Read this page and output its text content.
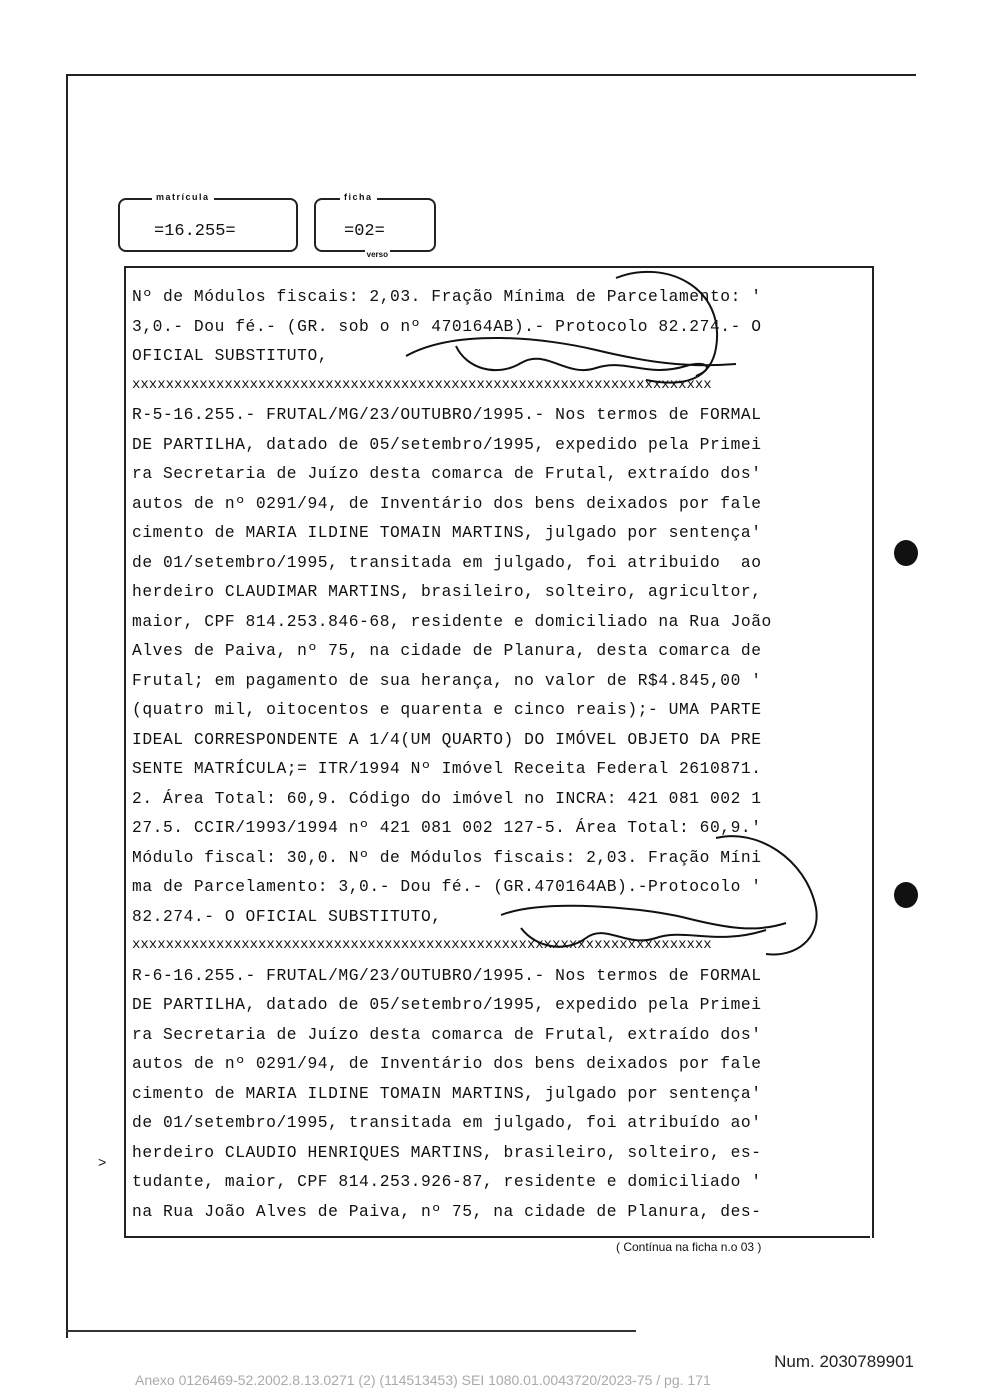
matrícula
=16.255=
ficha
=02=
verso
Nº de Módulos fiscais: 2,03. Fração Mínima de Parcelamento: '
3,0.- Dou fé.- (GR. sob o nº 470164AB).- Protocolo 82.274.- O
OFICIAL SUBSTITUTO,
xxxxxxxxxxxxxxxxxxxxxxxxxxxxxxxxxxxxxxxxxxxxxxxxxxxxxxxxxxxxxxxxxxxxx
R-5-16.255.- FRUTAL/MG/23/OUTUBRO/1995.- Nos termos de FORMAL
DE PARTILHA, datado de 05/setembro/1995, expedido pela Primei
ra Secretaria de Juízo desta comarca de Frutal, extraído dos'
autos de nº 0291/94, de Inventário dos bens deixados por fale
cimento de MARIA ILDINE TOMAIN MARTINS, julgado por sentença'
de 01/setembro/1995, transitada em julgado, foi atribuido  ao
herdeiro CLAUDIMAR MARTINS, brasileiro, solteiro, agricultor,
maior, CPF 814.253.846-68, residente e domiciliado na Rua João
Alves de Paiva, nº 75, na cidade de Planura, desta comarca de
Frutal; em pagamento de sua herança, no valor de R$4.845,00 '
(quatro mil, oitocentos e quarenta e cinco reais);- UMA PARTE
IDEAL CORRESPONDENTE A 1/4(UM QUARTO) DO IMÓVEL OBJETO DA PRE
SENTE MATRÍCULA;= ITR/1994 Nº Imóvel Receita Federal 2610871.
2. Área Total: 60,9. Código do imóvel no INCRA: 421 081 002 1
27.5. CCIR/1993/1994 nº 421 081 002 127-5. Área Total: 60,9.'
Módulo fiscal: 30,0. Nº de Módulos fiscais: 2,03. Fração Míni
ma de Parcelamento: 3,0.- Dou fé.- (GR.470164AB).-Protocolo '
82.274.- O OFICIAL SUBSTITUTO,
xxxxxxxxxxxxxxxxxxxxxxxxxxxxxxxxxxxxxxxxxxxxxxxxxxxxxxxxxxxxxxxxxxxxx
R-6-16.255.- FRUTAL/MG/23/OUTUBRO/1995.- Nos termos de FORMAL
DE PARTILHA, datado de 05/setembro/1995, expedido pela Primei
ra Secretaria de Juízo desta comarca de Frutal, extraído dos'
autos de nº 0291/94, de Inventário dos bens deixados por fale
cimento de MARIA ILDINE TOMAIN MARTINS, julgado por sentença'
de 01/setembro/1995, transitada em julgado, foi atribuído ao'
herdeiro CLAUDIO HENRIQUES MARTINS, brasileiro, solteiro, es-
tudante, maior, CPF 814.253.926-87, residente e domiciliado '
na Rua João Alves de Paiva, nº 75, na cidade de Planura, des-
( Contínua na ficha n.o 03 )
>
Num. 2030789901
Anexo 0126469-52.2002.8.13.0271 (2) (114513453) SEI 1080.01.0043720/2023-75 / pg. 171
